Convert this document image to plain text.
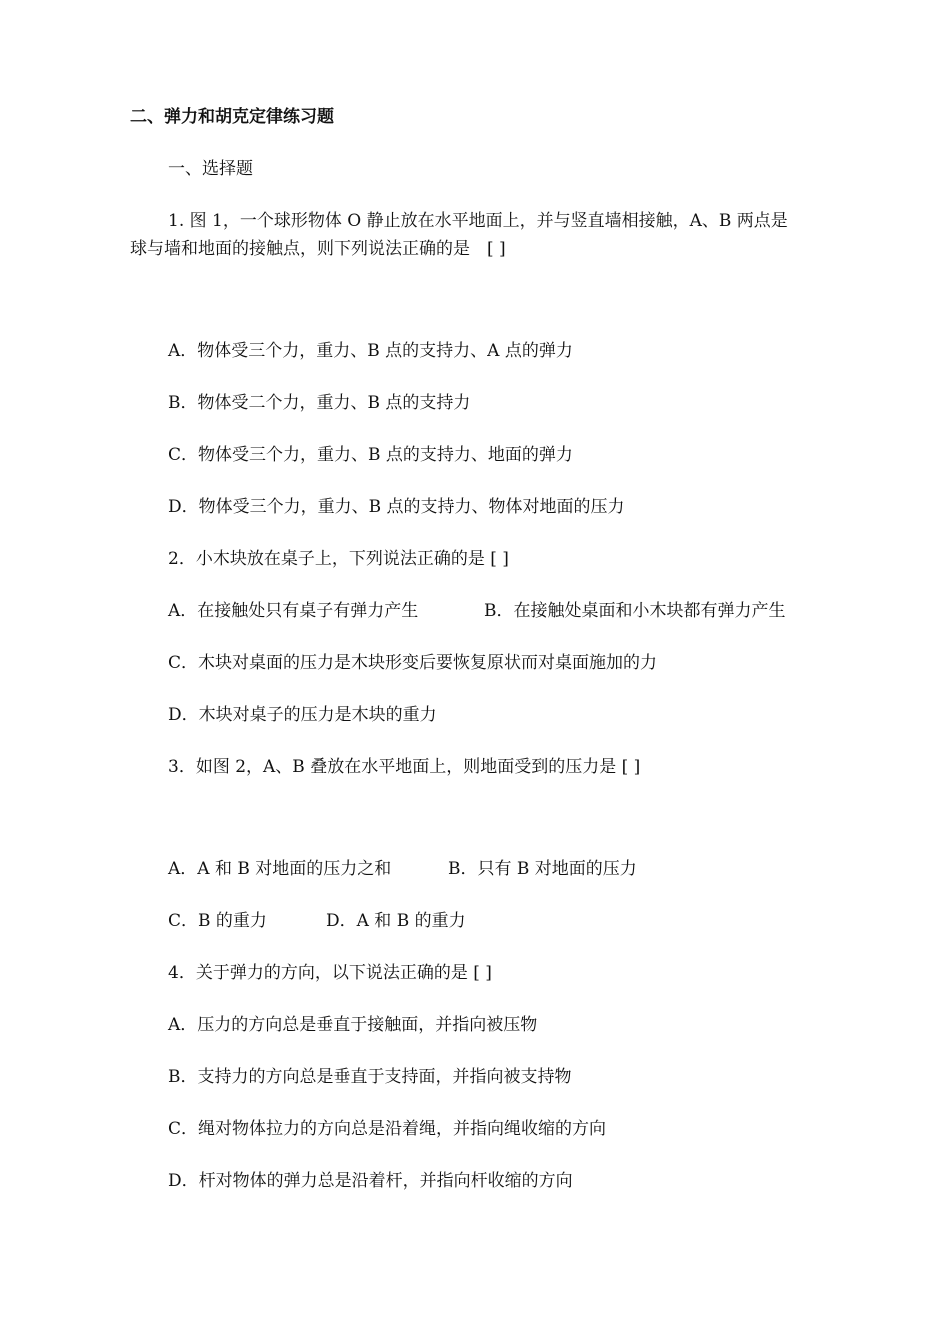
二、弹力和胡克定律练习题
一、选择题
1. 图 1，一个球形物体 O 静止放在水平地面上，并与竖直墙相接触，A、B 两点是
球与墙和地面的接触点，则下列说法正确的是　[ ]
A．物体受三个力，重力、B 点的支持力、A 点的弹力
B．物体受二个力，重力、B 点的支持力
C．物体受三个力，重力、B 点的支持力、地面的弹力
D．物体受三个力，重力、B 点的支持力、物体对地面的压力
2．小木块放在桌子上，下列说法正确的是 [ ]
A．在接触处只有桌子有弹力产生	B．在接触处桌面和小木块都有弹力产生
C．木块对桌面的压力是木块形变后要恢复原状而对桌面施加的力
D．木块对桌子的压力是木块的重力
3．如图 2，A、B 叠放在水平地面上，则地面受到的压力是 [ ]
A．A 和 B 对地面的压力之和	B．只有 B 对地面的压力
C．B 的重力	D．A 和 B 的重力
4．关于弹力的方向，以下说法正确的是 [ ]
A．压力的方向总是垂直于接触面，并指向被压物
B．支持力的方向总是垂直于支持面，并指向被支持物
C．绳对物体拉力的方向总是沿着绳，并指向绳收缩的方向
D．杆对物体的弹力总是沿着杆，并指向杆收缩的方向
